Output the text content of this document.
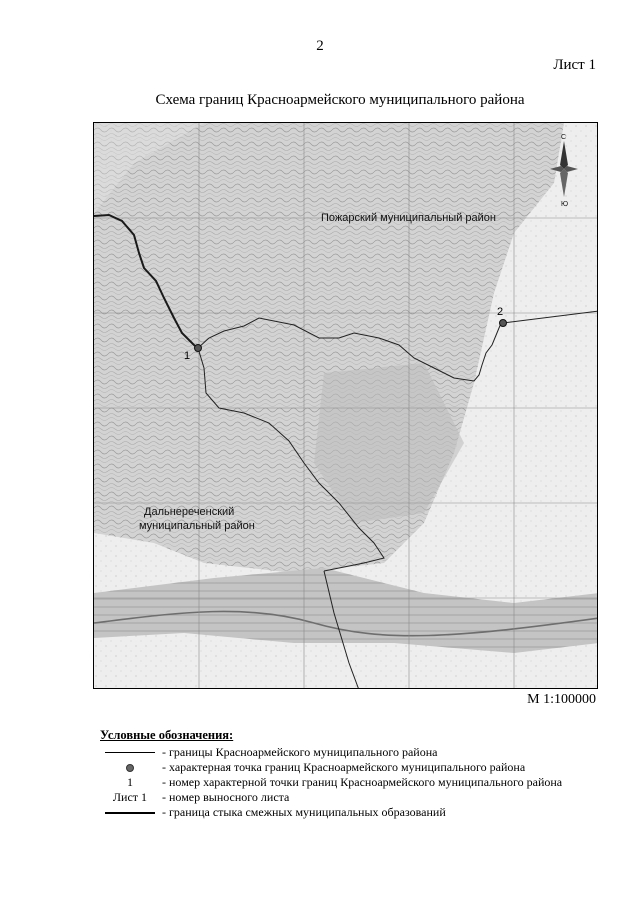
2
Лист 1
Схема границ Красноармейского муниципального района
1
2
Пожарский муниципальный район
Дальнереченский
муниципальный район
С
Ю
М 1:100000
Условные обозначения:
- границы Красноармейского муниципального района
- характерная точка границ Красноармейского муниципального района
1	- номер характерной точки границ Красноармейского муниципального района
Лист 1	- номер выносного листа
- граница стыка смежных муниципальных образований
